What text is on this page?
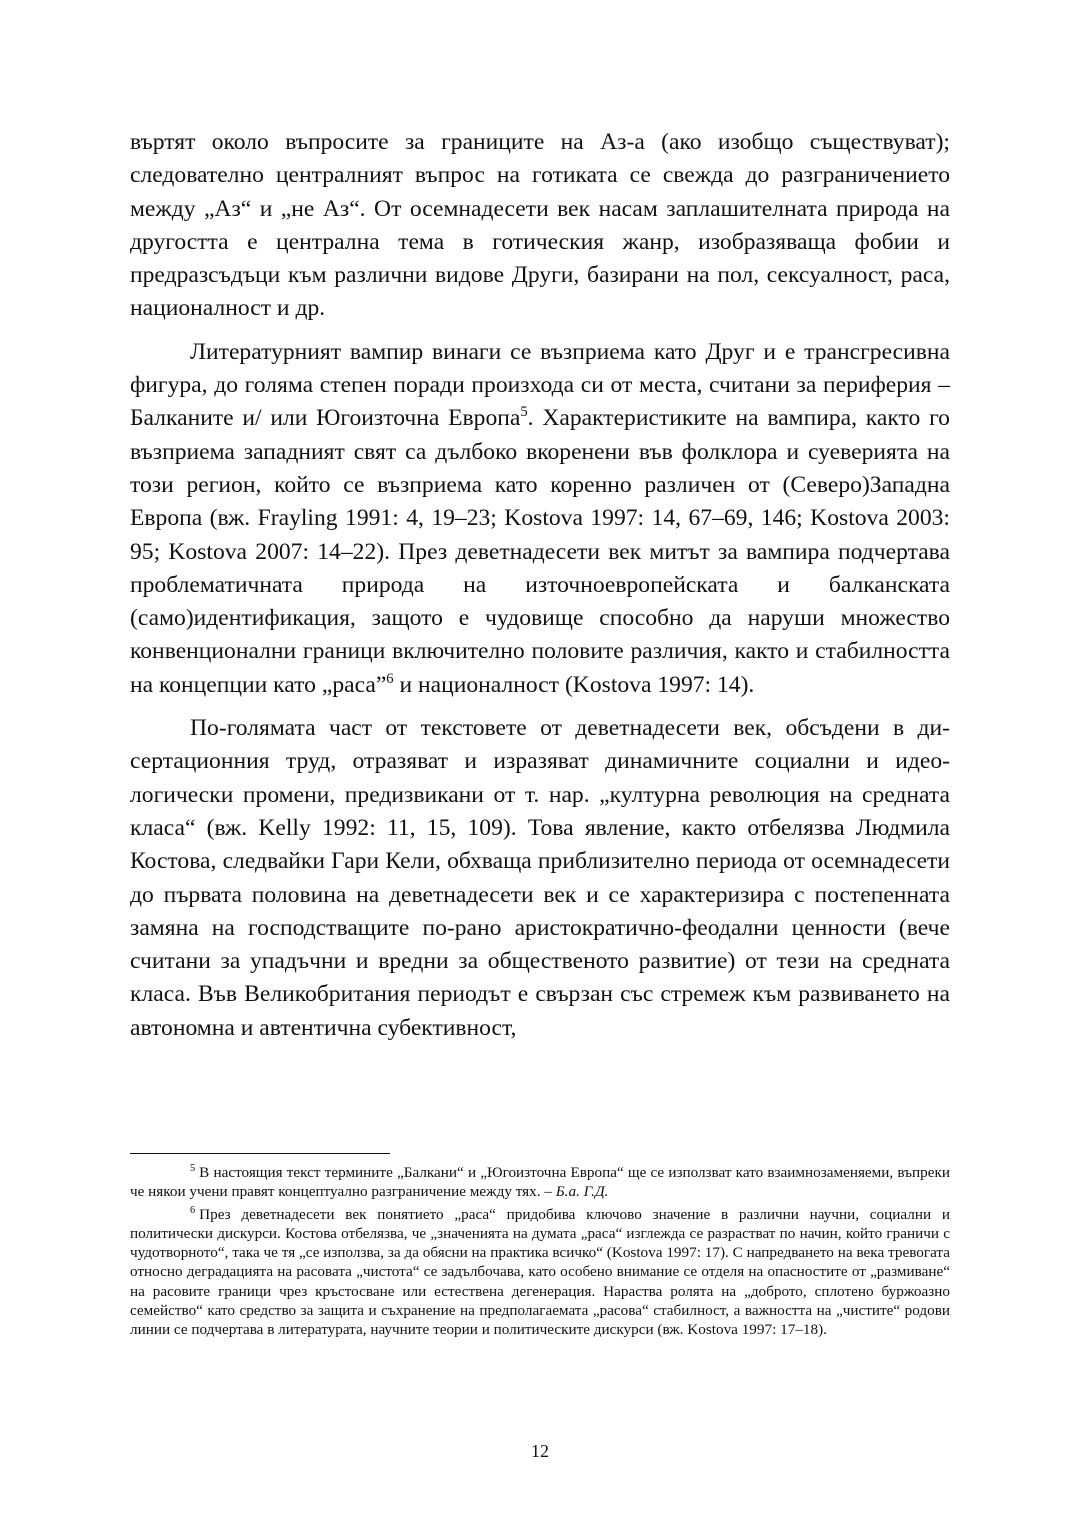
въртят около въпросите за границите на Аз-а (ако изобщо съществуват); следователно централният въпрос на готиката се свежда до разграничението между „Аз“ и „не Аз“. От осемнадесети век насам заплашителната природа на другостта е централна тема в готическия жанр, изобразяваща фобии и предразсъдъци към различни видове Други, базирани на пол, сексуалност, раса, националност и др.

Литературният вампир винаги се възприема като Друг и е трансгресивна фигура, до голяма степен поради произхода си от места, считани за периферия – Балканите и/ или Югоизточна Европа$^5$. Характеристиките на вампира, както го възприема западният свят са дълбоко вкоренени във фолклора и суеверията на този регион, който се възприема като коренно различен от (Северо)Западна Европа (вж. Frayling 1991: 4, 19–23; Kostova 1997: 14, 67–69, 146; Kostova 2003: 95; Kostova 2007: 14–22). През деветнадесети век митът за вампира подчертава проблематичната природа на източноевропейската и балканската (само)идентификация, защото е чудовище способно да наруши множество конвенционални граници включително половите различия, както и стабилността на концепции като „раса”$^6$ и националност (Kostova 1997: 14).

По-голямата част от текстовете от деветнадесети век, обсъдени в дисертационния труд, отразяват и изразяват динамичните социални и идеологически промени, предизвикани от т. нар. „културна революция на средната класа“ (вж. Kelly 1992: 11, 15, 109). Това явление, както отбелязва Людмила Костова, следвайки Гари Кели, обхваща приблизително периода от осемнадесети до първата половина на деветнадесети век и се характеризира с постепенната замяна на господстващите по-рано аристократично-феодални ценности (вече считани за упадъчни и вредни за общественото развитие) от тези на средната класа. Във Великобритания периодът е свързан със стремеж към развиването на автономна и автентична субективност,

$^5$ В настоящия текст термините „Балкани“ и „Югоизточна Европа“ ще се използват като взаимнозаменяеми, въпреки че някои учени правят концептуално разграничение между тях. – Б.а. Г.Д.

$^6$ През деветнадесети век понятието „раса“ придобива ключово значение в различни научни, социални и политически дискурси. Костова отбелязва, че „значенията на думата „раса“ изглежда се разрастват по начин, който граничи с чудотворното“, така че тя „се използва, за да обясни на практика всичко“ (Kostova 1997: 17). С напредването на века тревогата относно деградацията на расовата „чистота“ се задълбочава, като особено внимание се отделя на опасностите от „размиване“ на расовите граници чрез кръстосване или естествена дегенерация. Нараства ролята на „доброто, сплотено буржоазно семейство“ като средство за защита и съхранение на предполагаемата „расова“ стабилност, а важността на „чистите“ родови линии се подчертава в литературата, научните теории и политическите дискурси (вж. Kostova 1997: 17–18).

12
